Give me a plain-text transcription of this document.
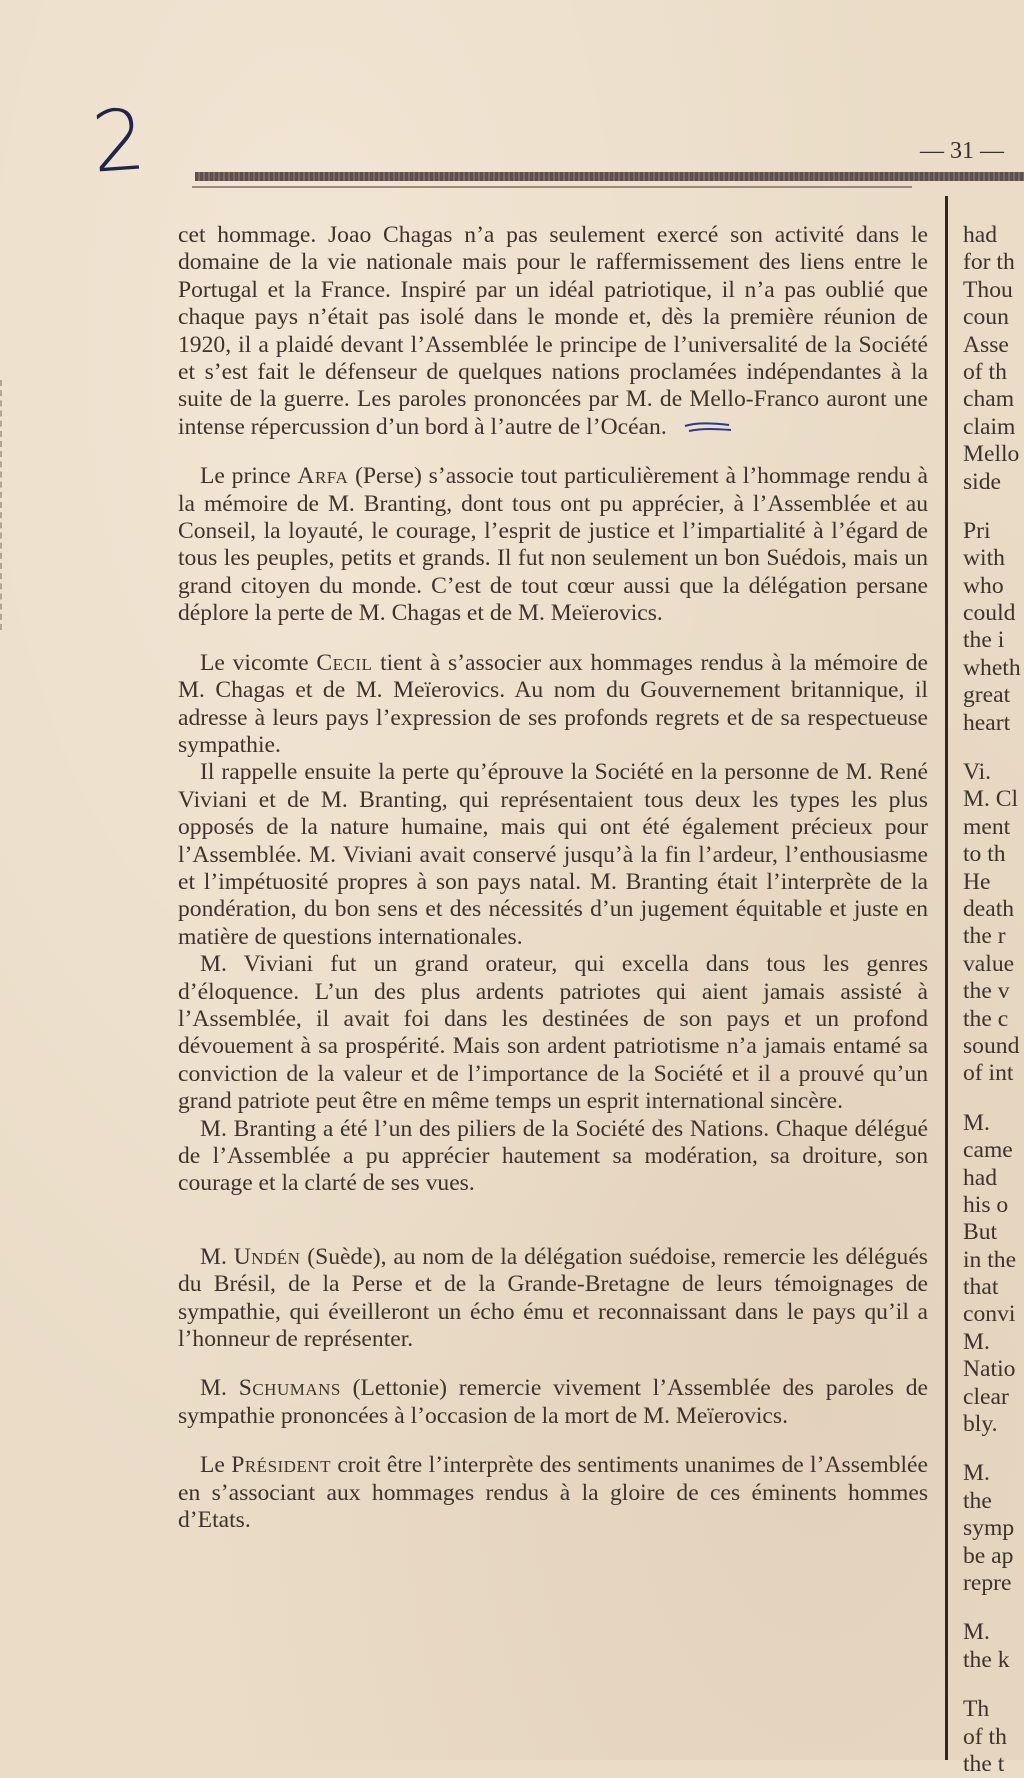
2	— 31 —

cet hommage. Joao Chagas n’a pas seulement exercé son activité dans le domaine de la vie nationale mais pour le raffermissement des liens entre le Portugal et la France. Inspiré par un idéal patriotique, il n’a pas oublié que chaque pays n’était pas isolé dans le monde et, dès la première réunion de 1920, il a plaidé devant l’Assemblée le principe de l’universalité de la Société et s’est fait le défenseur de quelques nations proclamées indépendantes à la suite de la guerre. Les paroles prononcées par M. de Mello-Franco auront une intense répercussion d’un bord à l’autre de l’Océan.

Le prince Arfa (Perse) s’associe tout particulièrement à l’hommage rendu à la mémoire de M. Branting, dont tous ont pu apprécier, à l’Assemblée et au Conseil, la loyauté, le courage, l’esprit de justice et l’impartialité à l’égard de tous les peuples, petits et grands. Il fut non seulement un bon Suédois, mais un grand citoyen du monde. C’est de tout cœur aussi que la délégation persane déplore la perte de M. Chagas et de M. Meïerovics.

Le vicomte Cecil tient à s’associer aux hommages rendus à la mémoire de M. Chagas et de M. Meïerovics. Au nom du Gouvernement britannique, il adresse à leurs pays l’expression de ses profonds regrets et de sa respectueuse sympathie.

Il rappelle ensuite la perte qu’éprouve la Société en la personne de M. René Viviani et de M. Branting, qui représentaient tous deux les types les plus opposés de la nature humaine, mais qui ont été également précieux pour l’Assemblée. M. Viviani avait conservé jusqu’à la fin l’ardeur, l’enthousiasme et l’impétuosité propres à son pays natal. M. Branting était l’interprète de la pondération, du bon sens et des nécessités d’un jugement équitable et juste en matière de questions internationales.

M. Viviani fut un grand orateur, qui excella dans tous les genres d’éloquence. L’un des plus ardents patriotes qui aient jamais assisté à l’Assemblée, il avait foi dans les destinées de son pays et un profond dévouement à sa prospérité. Mais son ardent patriotisme n’a jamais entamé sa conviction de la valeur et de l’importance de la Société et il a prouvé qu’un grand patriote peut être en même temps un esprit international sincère.

M. Branting a été l’un des piliers de la Société des Nations. Chaque délégué de l’Assemblée a pu apprécier hautement sa modération, sa droiture, son courage et la clarté de ses vues.

M. Undén (Suède), au nom de la délégation suédoise, remercie les délégués du Brésil, de la Perse et de la Grande-Bretagne de leurs témoignages de sympathie, qui éveilleront un écho ému et reconnaissant dans le pays qu’il a l’honneur de représenter.

M. Schumans (Lettonie) remercie vivement l’Assemblée des paroles de sympathie prononcées à l’occasion de la mort de M. Meïerovics.

Le Président croit être l’interprète des sentiments unanimes de l’Assemblée en s’associant aux hommages rendus à la gloire de ces éminents hommes d’Etats.

had
for th
Thou
coun
Asse
of th
cham
claim
Mello
side
Pri
with
who
could
the i
wheth
great
heart
Vi.
M. Cl
ment
to th
He
death
the r
value
the v
the c
sound
of int
M.
came
had
his o
But
in the
that
convi
M.
Natio
clear
bly.
M.
the
symp
be ap
repre
M.
the k
Th
of th
the t
